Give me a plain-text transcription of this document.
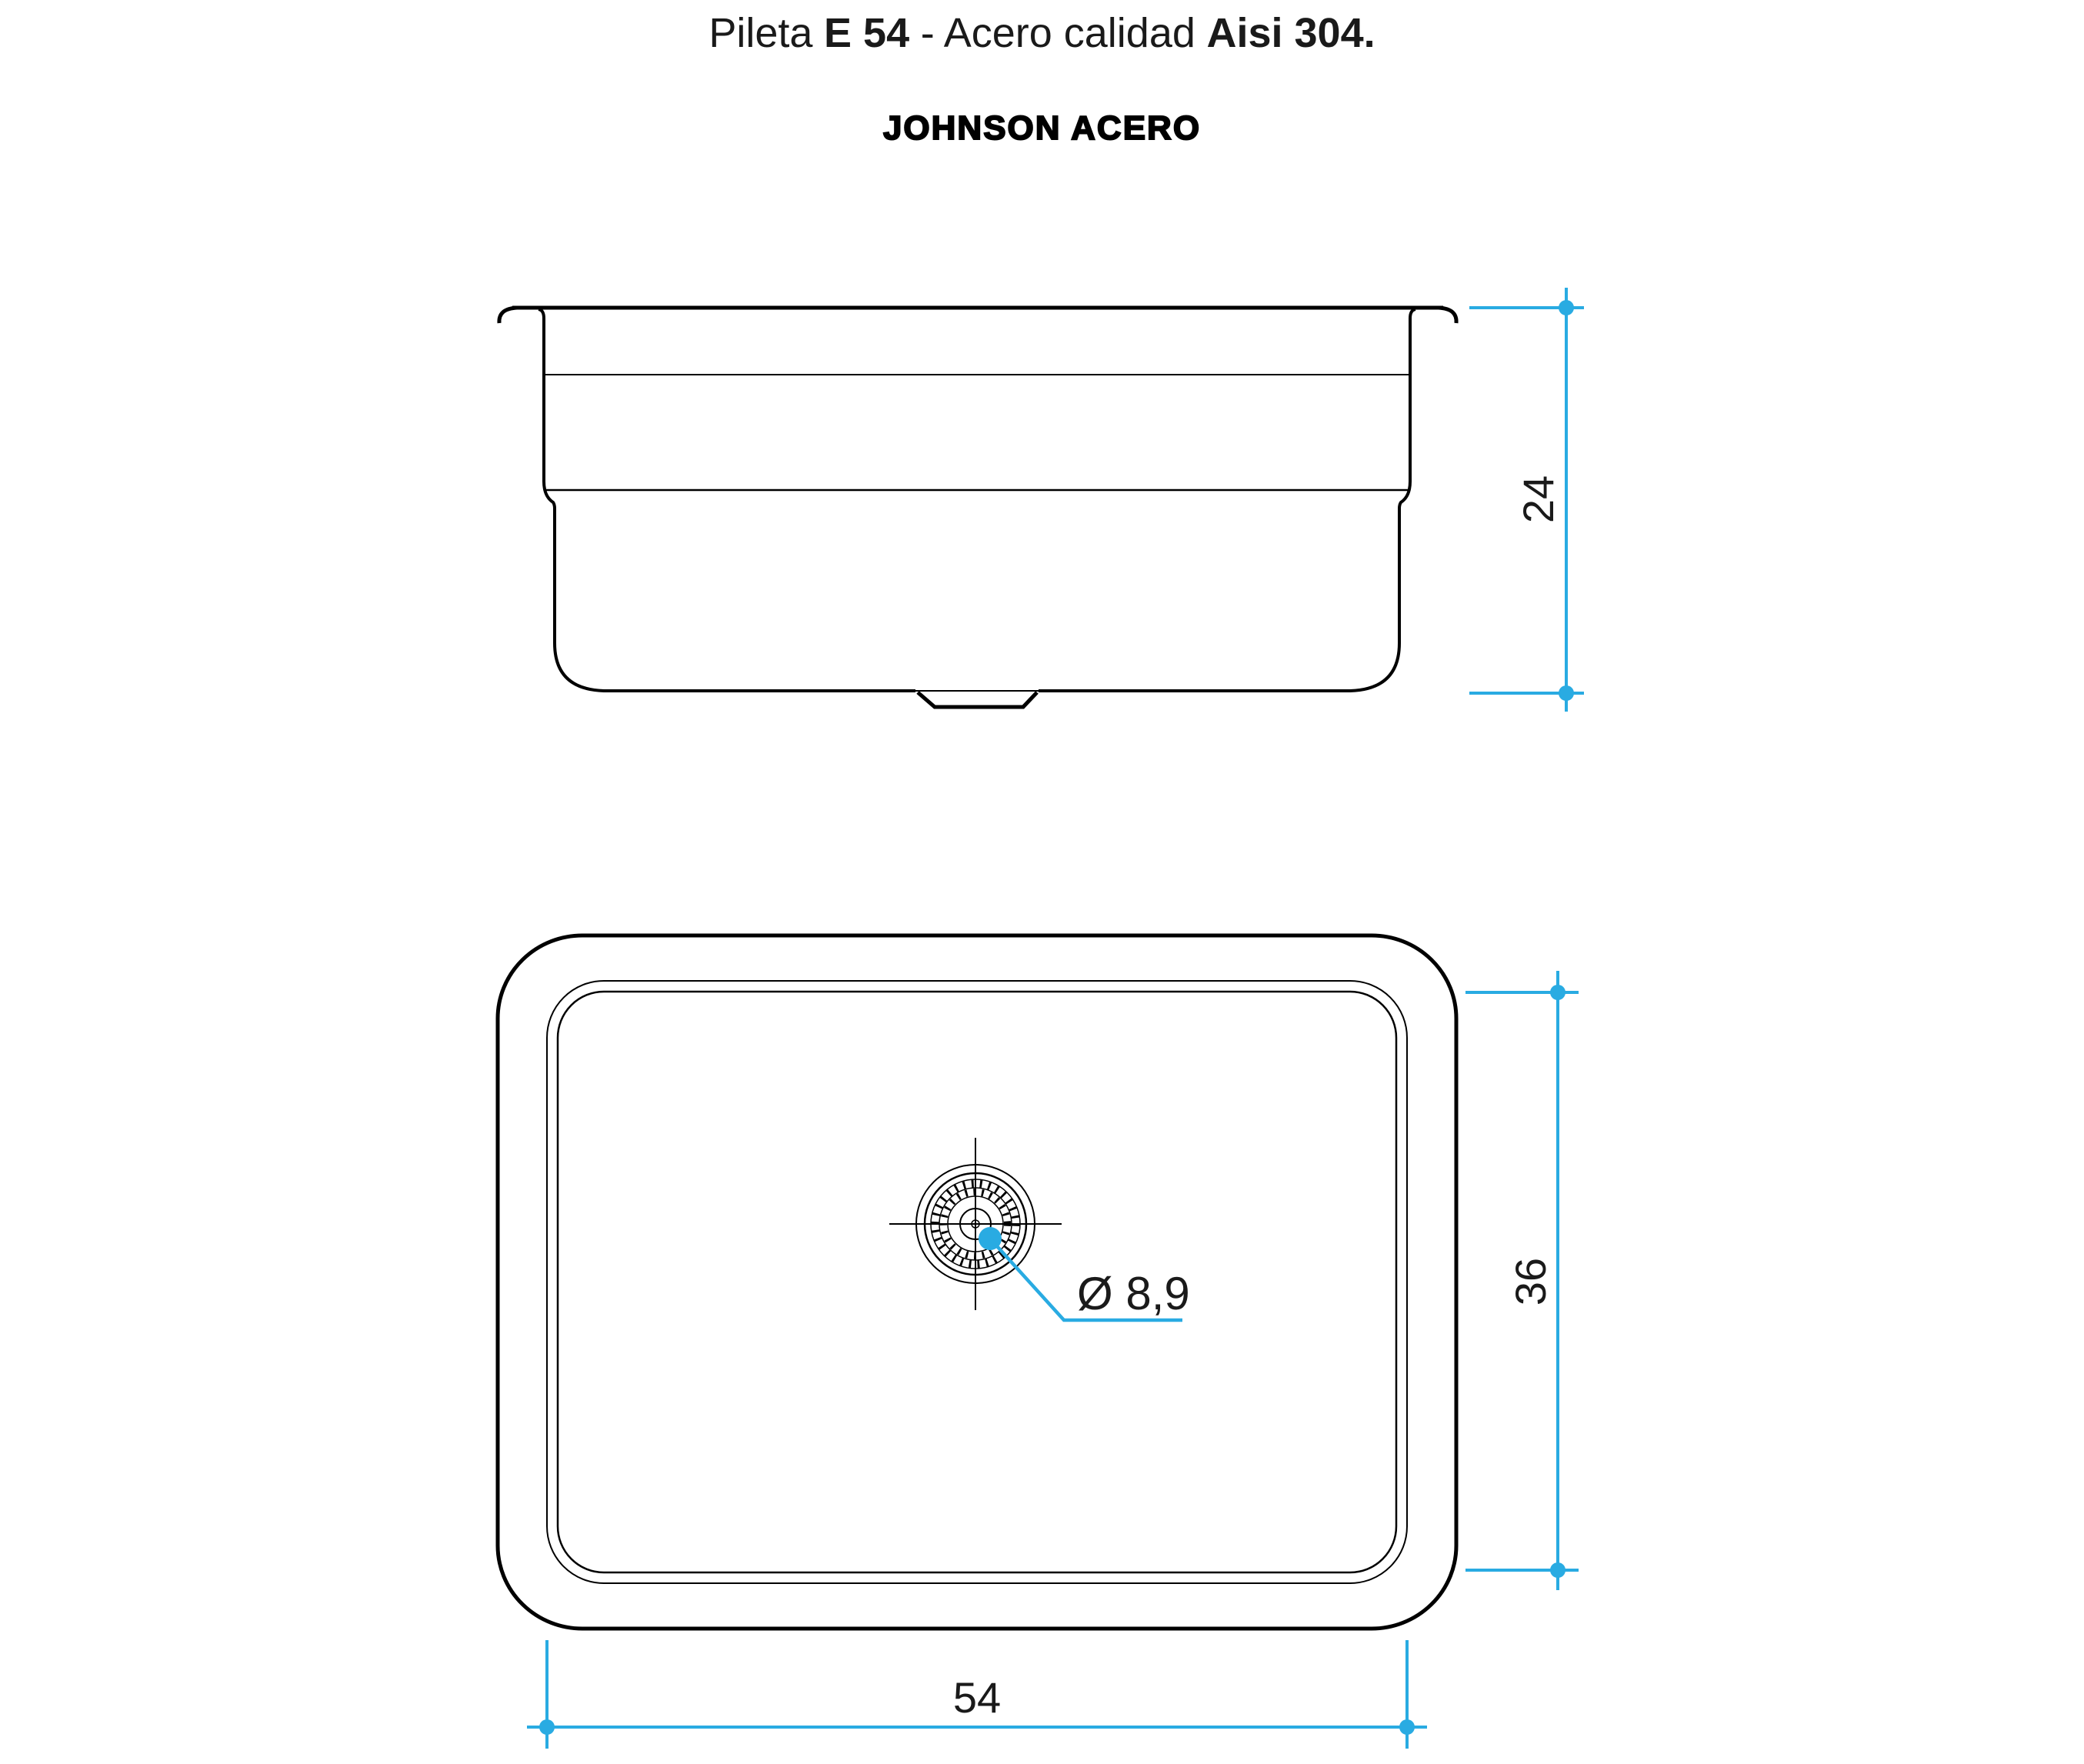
Pileta E 54 - Acero calidad Aisi 304.
JOHNSON ACERO
24
Ø 8,9	36
54
